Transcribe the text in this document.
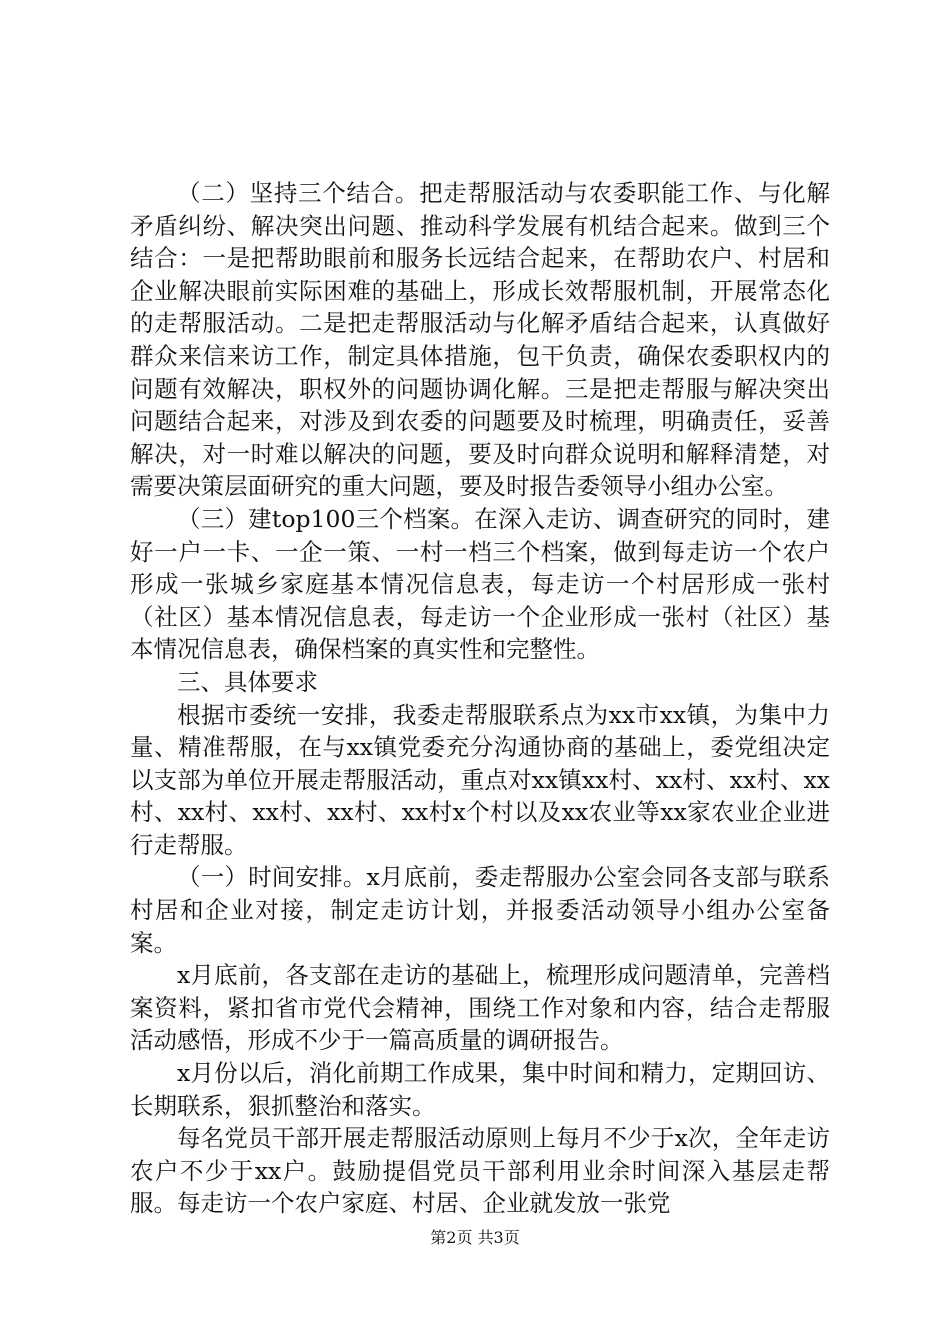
（二）坚持三个结合。把走帮服活动与农委职能工作、与化解矛盾纠纷、解决突出问题、推动科学发展有机结合起来。做到三个结合：一是把帮助眼前和服务长远结合起来，在帮助农户、村居和企业解决眼前实际困难的基础上，形成长效帮服机制，开展常态化的走帮服活动。二是把走帮服活动与化解矛盾结合起来，认真做好群众来信来访工作，制定具体措施，包干负责，确保农委职权内的问题有效解决，职权外的问题协调化解。三是把走帮服与解决突出问题结合起来，对涉及到农委的问题要及时梳理，明确责任，妥善解决，对一时难以解决的问题，要及时向群众说明和解释清楚，对需要决策层面研究的重大问题，要及时报告委领导小组办公室。

（三）建top100三个档案。在深入走访、调查研究的同时，建好一户一卡、一企一策、一村一档三个档案，做到每走访一个农户形成一张城乡家庭基本情况信息表，每走访一个村居形成一张村（社区）基本情况信息表，每走访一个企业形成一张村（社区）基本情况信息表，确保档案的真实性和完整性。

三、具体要求

根据市委统一安排，我委走帮服联系点为xx市xx镇，为集中力量、精准帮服，在与xx镇党委充分沟通协商的基础上，委党组决定以支部为单位开展走帮服活动，重点对xx镇xx村、xx村、xx村、xx村、xx村、xx村、xx村、xx村x个村以及xx农业等xx家农业企业进行走帮服。

（一）时间安排。x月底前，委走帮服办公室会同各支部与联系村居和企业对接，制定走访计划，并报委活动领导小组办公室备案。

x月底前，各支部在走访的基础上，梳理形成问题清单，完善档案资料，紧扣省市党代会精神，围绕工作对象和内容，结合走帮服活动感悟，形成不少于一篇高质量的调研报告。

x月份以后，消化前期工作成果，集中时间和精力，定期回访、长期联系，狠抓整治和落实。

每名党员干部开展走帮服活动原则上每月不少于x次，全年走访农户不少于xx户。鼓励提倡党员干部利用业余时间深入基层走帮服。每走访一个农户家庭、村居、企业就发放一张党

第2页 共3页
